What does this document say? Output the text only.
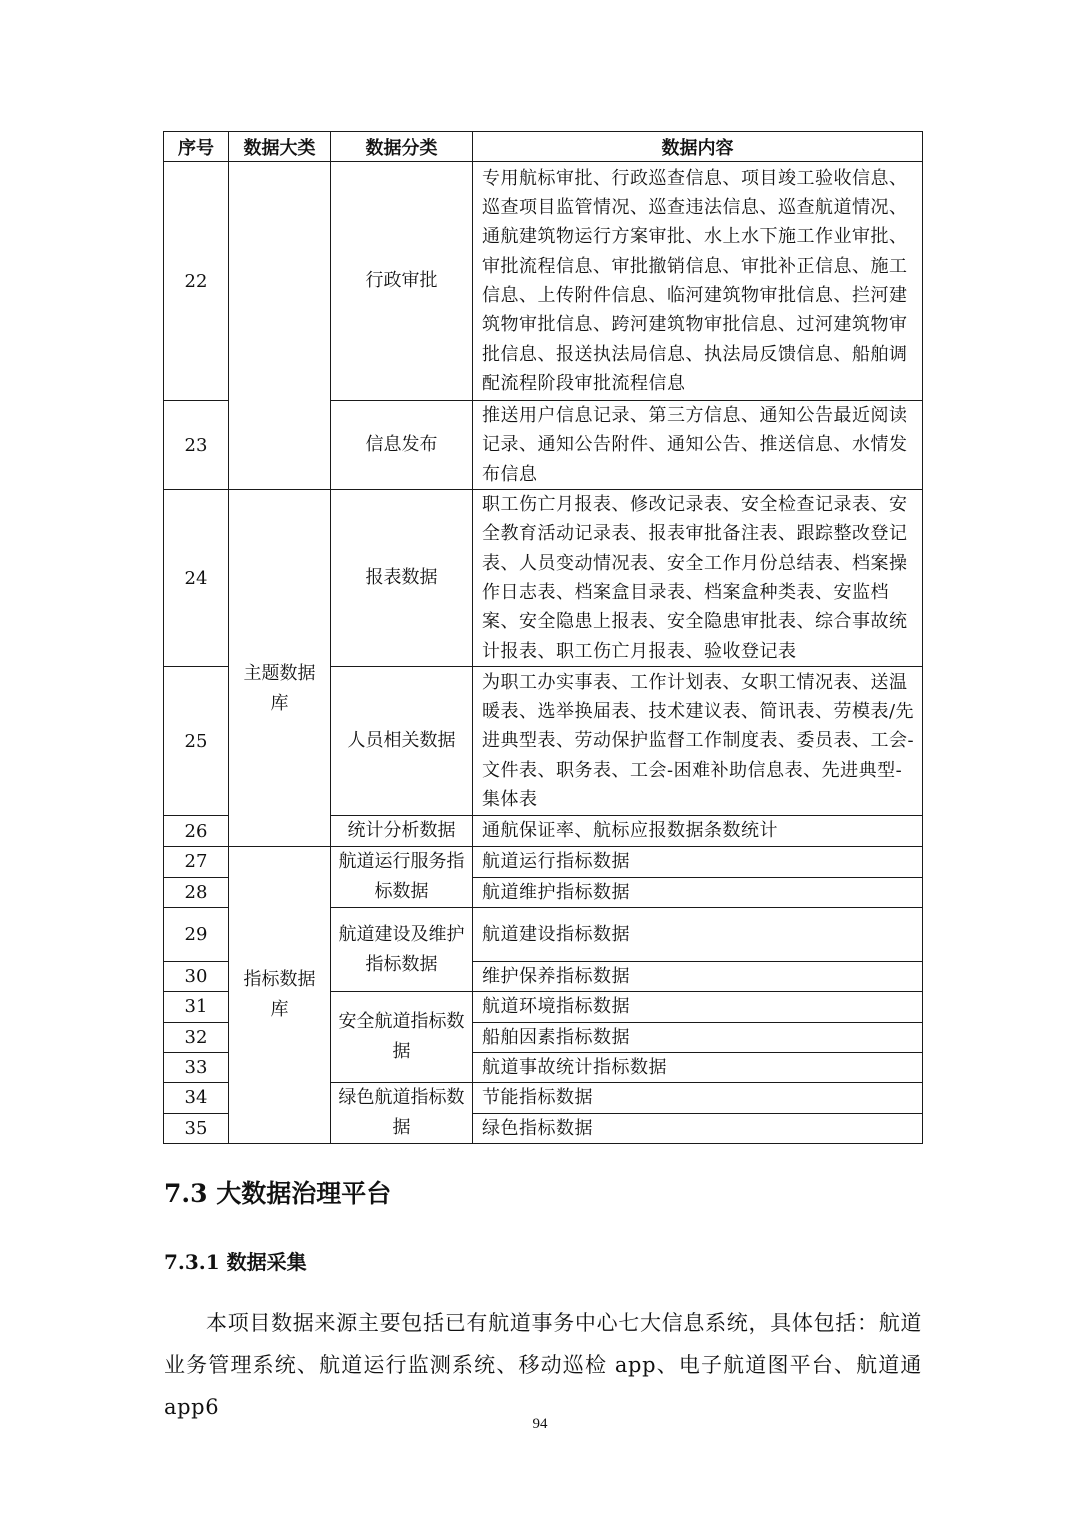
序号	数据大类	数据分类	数据内容
22		行政审批	专用航标审批、行政巡查信息、项目竣工验收信息、巡查项目监管情况、巡查违法信息、巡查航道情况、通航建筑物运行方案审批、水上水下施工作业审批、审批流程信息、审批撤销信息、审批补正信息、施工信息、上传附件信息、临河建筑物审批信息、拦河建筑物审批信息、跨河建筑物审批信息、过河建筑物审批信息、报送执法局信息、执法局反馈信息、船舶调配流程阶段审批流程信息
23		信息发布	推送用户信息记录、第三方信息、通知公告最近阅读记录、通知公告附件、通知公告、推送信息、水情发布信息
24	主题数据库	报表数据	职工伤亡月报表、修改记录表、安全检查记录表、安全教育活动记录表、报表审批备注表、跟踪整改登记表、人员变动情况表、安全工作月份总结表、档案操作日志表、档案盒目录表、档案盒种类表、安监档案、安全隐患上报表、安全隐患审批表、综合事故统计报表、职工伤亡月报表、验收登记表
25		人员相关数据	为职工办实事表、工作计划表、女职工情况表、送温暖表、选举换届表、技术建议表、简讯表、劳模表/先进典型表、劳动保护监督工作制度表、委员表、工会-文件表、职务表、工会-困难补助信息表、先进典型-集体表
26		统计分析数据	通航保证率、航标应报数据条数统计
27	指标数据库	航道运行服务指标数据	航道运行指标数据
28			航道维护指标数据
29		航道建设及维护指标数据	航道建设指标数据
30			维护保养指标数据
31		安全航道指标数据	航道环境指标数据
32			船舶因素指标数据
33			航道事故统计指标数据
34		绿色航道指标数据	节能指标数据
35			绿色指标数据
7.3 大数据治理平台
7.3.1 数据采集

本项目数据来源主要包括已有航道事务中心七大信息系统，具体包括：航道业务管理系统、航道运行监测系统、移动巡检 app、电子航道图平台、航道通 app6

94
